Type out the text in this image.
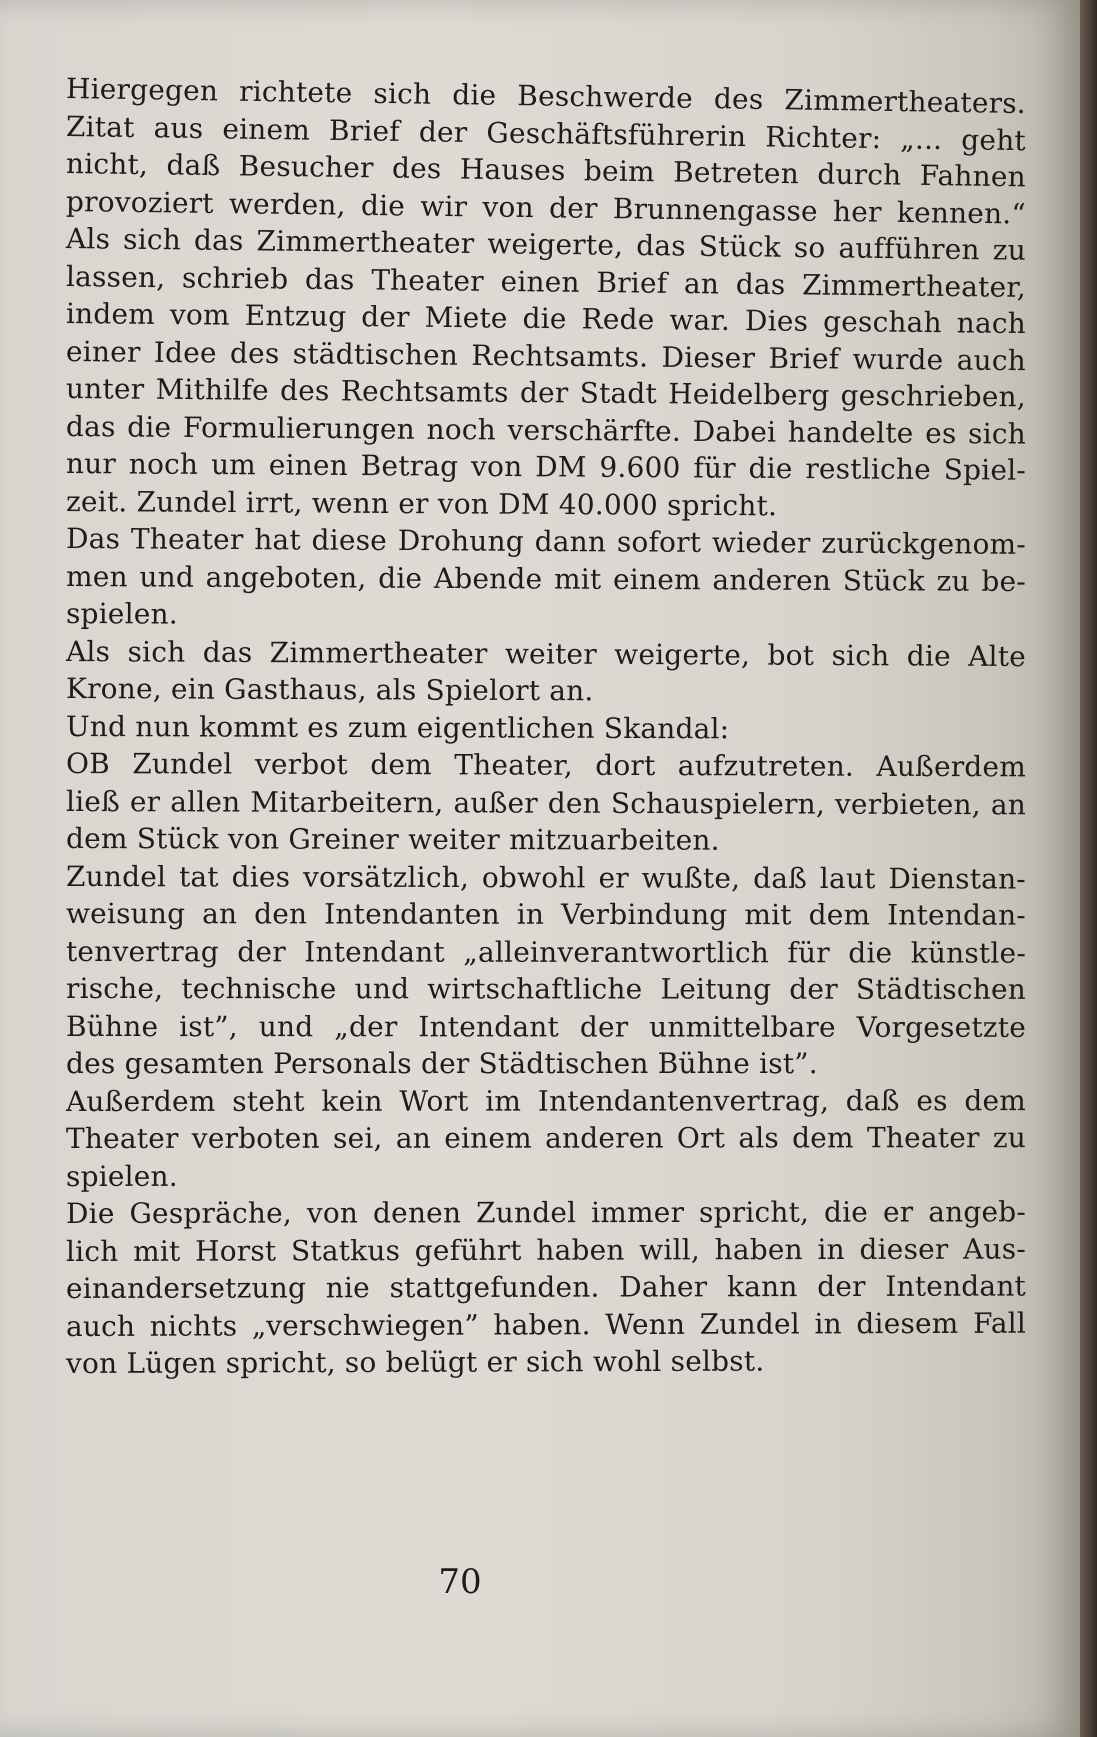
Hiergegen richtete sich die Beschwerde des Zimmertheaters.
Zitat aus einem Brief der Geschäftsführerin Richter: „... geht
nicht, daß Besucher des Hauses beim Betreten durch Fahnen
provoziert werden, die wir von der Brunnengasse her kennen.“
Als sich das Zimmertheater weigerte, das Stück so aufführen zu
lassen, schrieb das Theater einen Brief an das Zimmertheater,
indem vom Entzug der Miete die Rede war. Dies geschah nach
einer Idee des städtischen Rechtsamts. Dieser Brief wurde auch
unter Mithilfe des Rechtsamts der Stadt Heidelberg geschrieben,
das die Formulierungen noch verschärfte. Dabei handelte es sich
nur noch um einen Betrag von DM 9.600 für die restliche Spiel-
zeit. Zundel irrt, wenn er von DM 40.000 spricht.
Das Theater hat diese Drohung dann sofort wieder zurückgenom-
men und angeboten, die Abende mit einem anderen Stück zu be-
spielen.
Als sich das Zimmertheater weiter weigerte, bot sich die Alte
Krone, ein Gasthaus, als Spielort an.
Und nun kommt es zum eigentlichen Skandal:
OB Zundel verbot dem Theater, dort aufzutreten. Außerdem
ließ er allen Mitarbeitern, außer den Schauspielern, verbieten, an
dem Stück von Greiner weiter mitzuarbeiten.
Zundel tat dies vorsätzlich, obwohl er wußte, daß laut Dienstan-
weisung an den Intendanten in Verbindung mit dem Intendan-
tenvertrag der Intendant „alleinverantwortlich für die künstle-
rische, technische und wirtschaftliche Leitung der Städtischen
Bühne ist”, und „der Intendant der unmittelbare Vorgesetzte
des gesamten Personals der Städtischen Bühne ist”.
Außerdem steht kein Wort im Intendantenvertrag, daß es dem
Theater verboten sei, an einem anderen Ort als dem Theater zu
spielen.
Die Gespräche, von denen Zundel immer spricht, die er angeb-
lich mit Horst Statkus geführt haben will, haben in dieser Aus-
einandersetzung nie stattgefunden. Daher kann der Intendant
auch nichts „verschwiegen” haben. Wenn Zundel in diesem Fall
von Lügen spricht, so belügt er sich wohl selbst.
70
